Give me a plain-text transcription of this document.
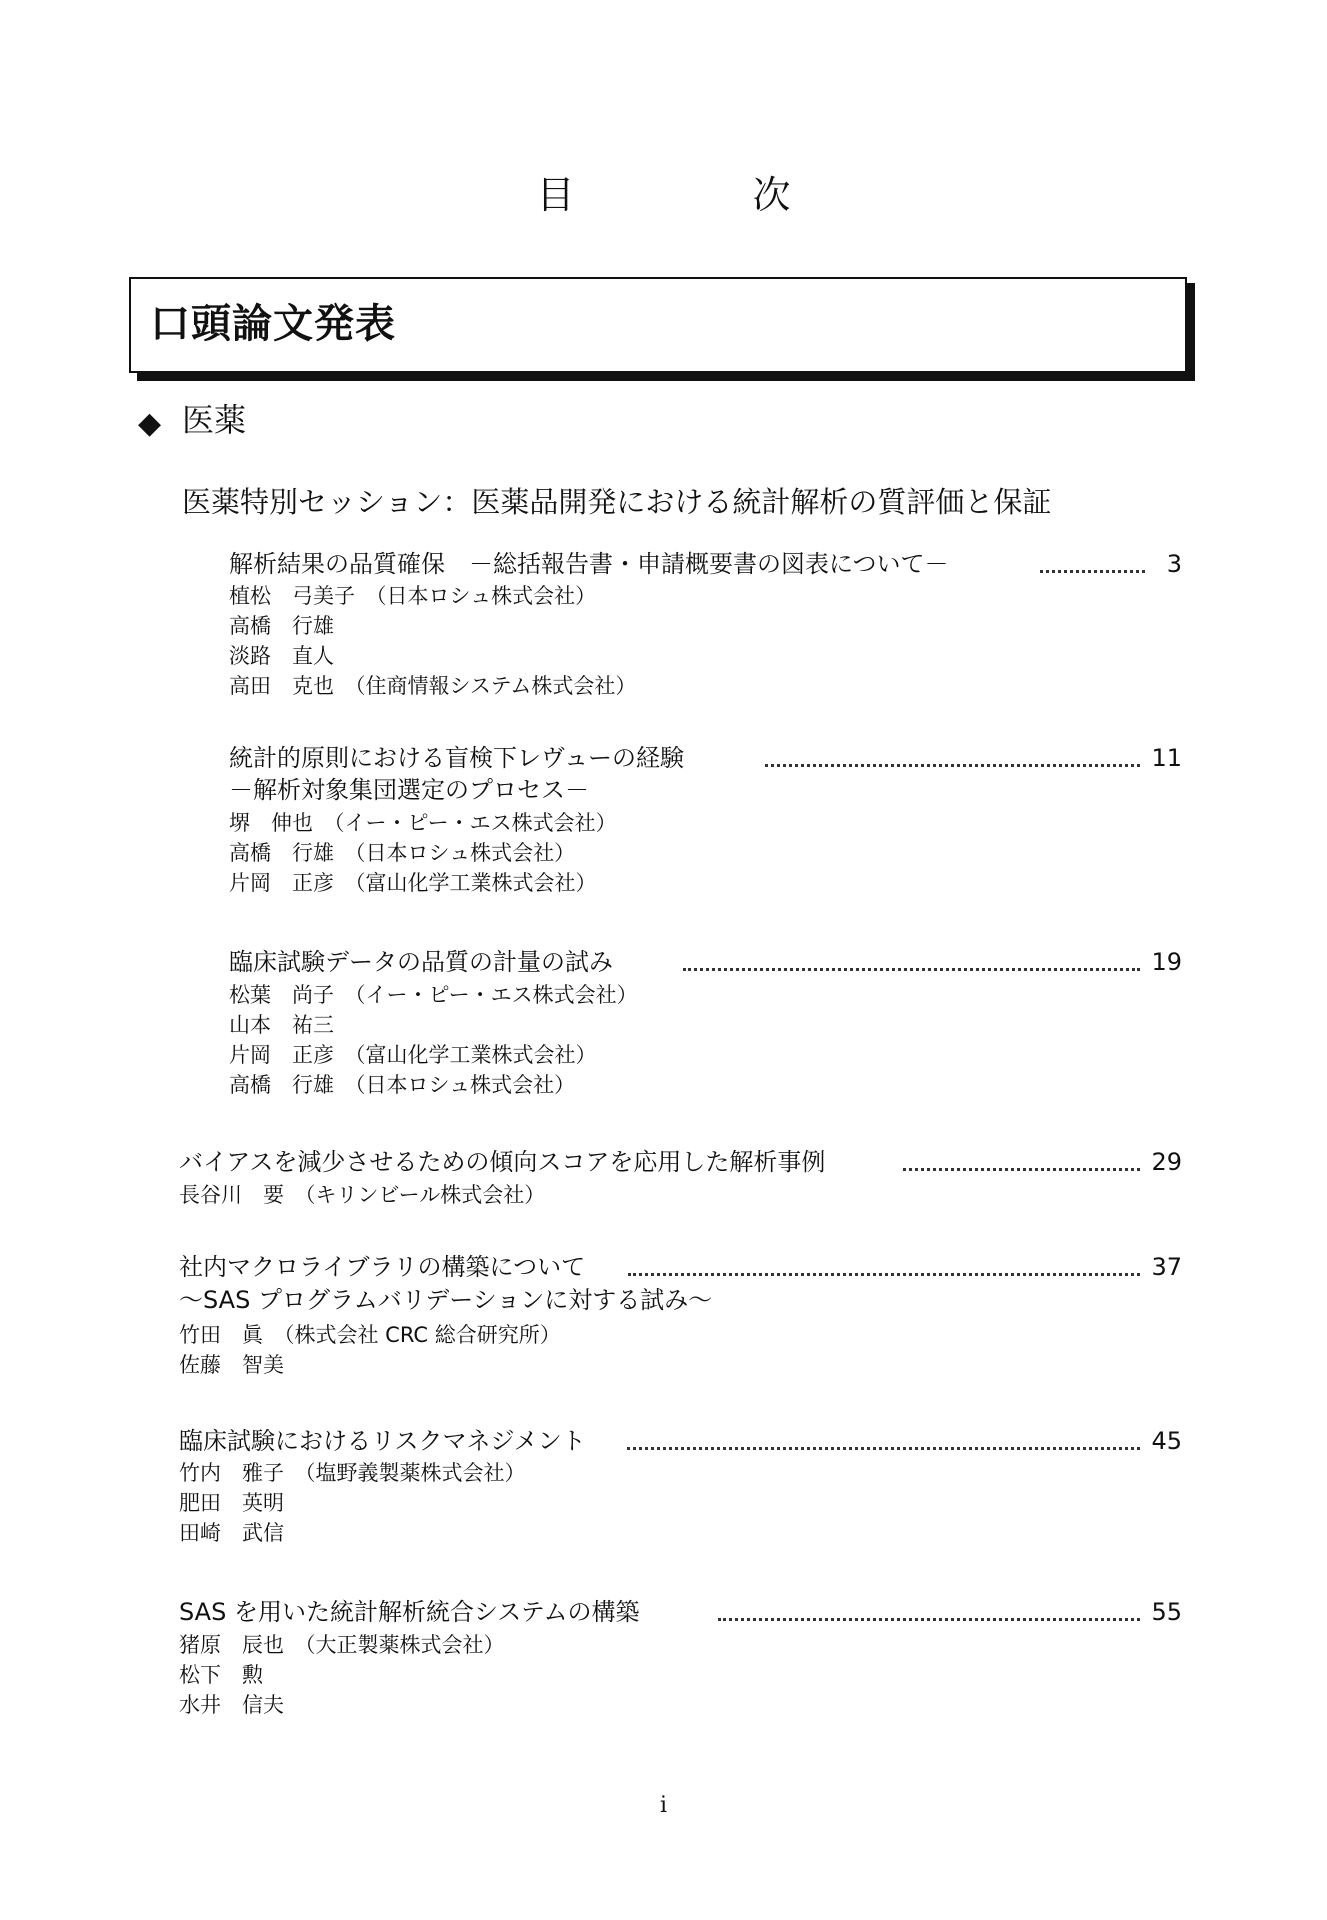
目　次
口頭論文発表
◆ 医薬
医薬特別セッション：医薬品開発における統計解析の質評価と保証
解析結果の品質確保　－総括報告書・申請概要書の図表について－	3
植松　弓美子　（日本ロシュ株式会社）
高橋　行雄
淡路　直人
高田　克也　（住商情報システム株式会社）
統計的原則における盲検下レヴューの経験	11
－解析対象集団選定のプロセス－
堺　伸也　（イー・ピー・エス株式会社）
高橋　行雄　（日本ロシュ株式会社）
片岡　正彦　（富山化学工業株式会社）
臨床試験データの品質の計量の試み	19
松葉　尚子　（イー・ピー・エス株式会社）
山本　祐三
片岡　正彦　（富山化学工業株式会社）
高橋　行雄　（日本ロシュ株式会社）
バイアスを減少させるための傾向スコアを応用した解析事例	29
長谷川　要　（キリンビール株式会社）
社内マクロライブラリの構築について	37
～SAS プログラムバリデーションに対する試み～
竹田　眞　（株式会社 CRC 総合研究所）
佐藤　智美
臨床試験におけるリスクマネジメント	45
竹内　雅子　（塩野義製薬株式会社）
肥田　英明
田崎　武信
SAS を用いた統計解析統合システムの構築	55
猪原　辰也　（大正製薬株式会社）
松下　勲
水井　信夫
i
